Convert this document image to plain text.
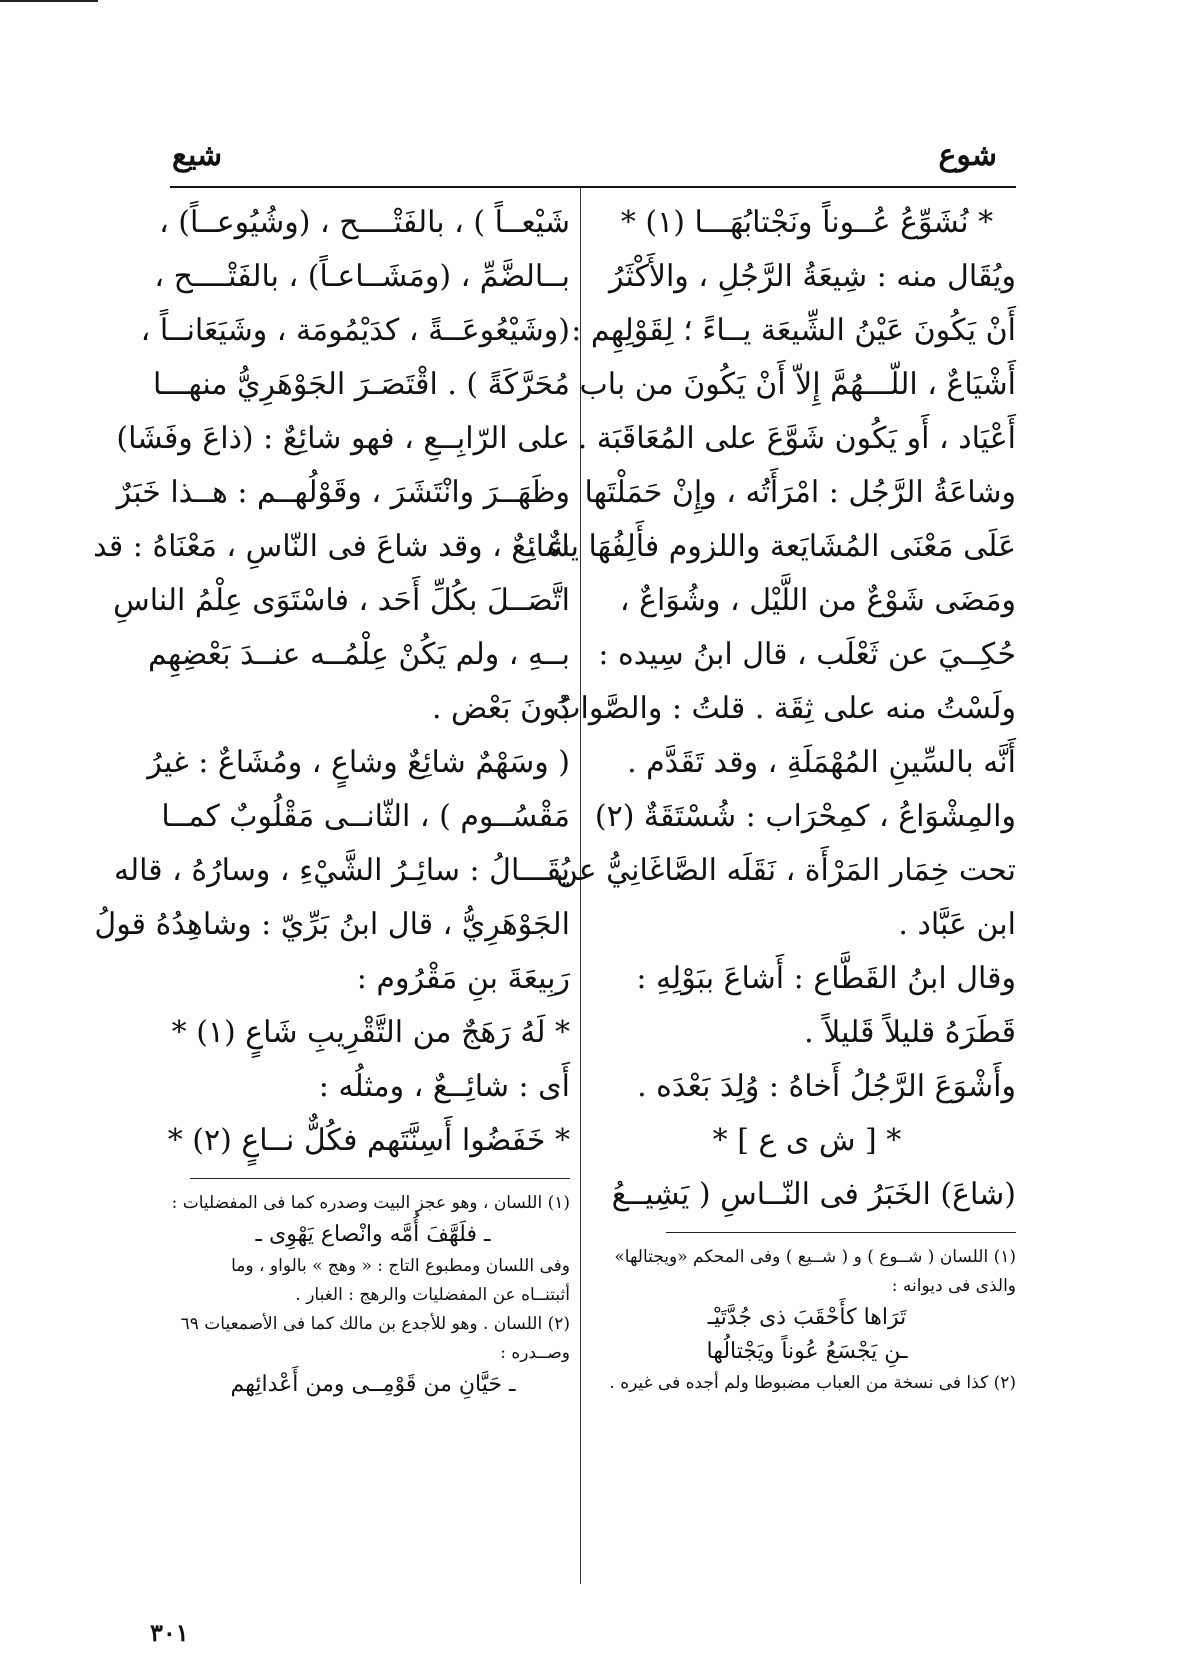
شوع
شيع
* نُشَوِّعُ عُــوناً ونَجْتابُهَـــا (١) *
ويُقَال منه : شِيعَةُ الرَّجُلِ ، والأَكْثَرُ
أَنْ يَكُونَ عَيْنُ الشِّيعَة يــاءً ؛ لِقَوْلِهِم :
أَشْيَاعٌ ، اللّـــهُمَّ إِلاّ أَنْ يَكُونَ من باب
أَعْيَاد ، أَو يَكُون شَوَّعَ على المُعَاقَبَة .
وشاعَةُ الرَّجُل : امْرَأَتُه ، وإِنْ حَمَلْتَها
عَلَى مَعْنَى المُشَايَعة واللزوم فأَلِفُهَا ياءٌ .
ومَضَى شَوْعٌ من اللَّيْل ، وشُوَاعٌ ،
حُكِــيَ عن ثَعْلَب ، قال ابنُ سِيده :
ولَسْتُ منه على ثِقَة . قلتُ : والصَّوابُ
أَنَّه بالسِّينِ المُهْمَلَةِ ، وقد تَقَدَّم .
والمِشْوَاعُ ، كمِحْرَاب : شُسْتَقَةٌ (٢)
تحت خِمَار المَرْأَة ، نَقَلَه الصَّاغَانِيُّ عن
ابن عَبَّاد .
وقال ابنُ القَطَّاع : أَشاعَ ببَوْلِهِ :
قَطَرَهُ قليلاً قَليلاً .
وأَشْوَعَ الرَّجُلُ أَخاهُ : وُلِدَ بَعْدَه .
* [ ش ى ع ] *
(شاعَ) الخَبَرُ فى النّــاسِ ( يَشِيــعُ
(١) اللسان ( شــوع ) و ( شــيع ) وفى المحكم «ويجتالها»
والذى فى ديوانه :
تَرَاها كأَحْقَبَ ذى جُدَّتَيْـ
ـنِ يَجْسَعُ عُوناً ويَجْتالُها
(٢) كذا فى نسخة من العباب مضبوطا ولم أجده فى غيره .
شَيْعــاً ) ، بالفَتْــــح ، (وشُيُوعــاً) ،
بــالضَّمِّ ، (ومَشَــاعـاً) ، بالفَتْــــح ،
(وشَيْعُوعَــةً ، كدَيْمُومَة ، وشَيَعَانــاً ،
مُحَرَّكَةً ) . اقْتَصَـرَ الجَوْهَرِيُّ منهـــا
على الرّابِــعِ ، فهو شائِعٌ : (ذاعَ وفَشَا)
وظَهَــرَ وانْتَشَرَ ، وقَوْلُهــم : هــذا خَبَرٌ
شائِعٌ ، وقد شاعَ فى النّاسِ ، مَعْنَاهُ : قد
اتَّصَــلَ بكُلِّ أَحَد ، فاسْتَوَى عِلْمُ الناسِ
بــهِ ، ولم يَكُنْ عِلْمُــه عنــدَ بَعْضِهِم
دُونَ بَعْض .
( وسَهْمٌ شائِعٌ وشاعٍ ، ومُشَاعٌ : غيرُ
مَقْسُــوم ) ، الثّانــى مَقْلُوبٌ كمــا
يُقَـــالُ : سائِـرُ الشَّيْءِ ، وسارُهُ ، قاله
الجَوْهَرِيُّ ، قال ابنُ بَرِّيّ : وشاهِدُهُ قولُ
رَبِيعَةَ بنِ مَقْرُوم :
* لَهُ رَهَجٌ من التَّقْرِيبِ شَاعٍ (١) *
أَى : شائِــعٌ ، ومثلُه :
* خَفَضُوا أَسِنَّتَهم فكُلٌّ نــاعٍ (٢) *
(١) اللسان ، وهو عجز البيت وصدره كما فى المفضليات :
ـ فلَهَّفَ أُمَّه وانْصاع يَهْوِى ـ
وفى اللسان ومطبوع التاج : « وهج » بالواو ، وما
أثبتنــاه عن المفضليات والرهج : الغبار .
(٢) اللسان . وهو للأجدع بن مالك كما فى الأصمعيات ٦٩
وصــدره :
ـ حَيَّانِ من قَوْمِــى ومن أَعْدائِهم
٣٠١
